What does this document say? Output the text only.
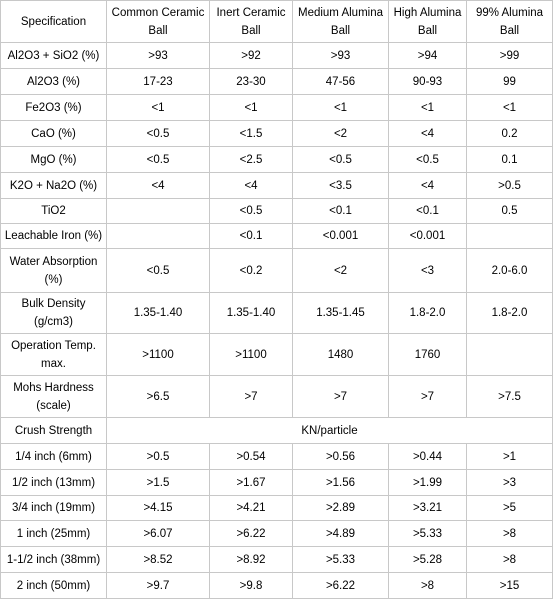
Specification	Common Ceramic Ball	Inert Ceramic Ball	Medium Alumina Ball	High Alumina Ball	99% Alumina Ball
Al2O3 + SiO2 (%)	>93	>92	>93	>94	>99
Al2O3 (%)	17-23	23-30	47-56	90-93	99
Fe2O3 (%)	<1	<1	<1	<1	<1
CaO (%)	<0.5	<1.5	<2	<4	0.2
MgO (%)	<0.5	<2.5	<0.5	<0.5	0.1
K2O + Na2O (%)	<4	<4	<3.5	<4	>0.5
TiO2		<0.5	<0.1	<0.1	0.5
Leachable Iron (%)		<0.1	<0.001	<0.001	
Water Absorption (%)	<0.5	<0.2	<2	<3	2.0-6.0
Bulk Density (g/cm3)	1.35-1.40	1.35-1.40	1.35-1.45	1.8-2.0	1.8-2.0
Operation Temp. max.	>1100	>1100	1480	1760	
Mohs Hardness (scale)	>6.5	>7	>7	>7	>7.5
Crush Strength	KN/particle				
1/4 inch (6mm)	>0.5	>0.54	>0.56	>0.44	>1
1/2 inch (13mm)	>1.5	>1.67	>1.56	>1.99	>3
3/4 inch (19mm)	>4.15	>4.21	>2.89	>3.21	>5
1 inch (25mm)	>6.07	>6.22	>4.89	>5.33	>8
1-1/2 inch (38mm)	>8.52	>8.92	>5.33	>5.28	>8
2 inch (50mm)	>9.7	>9.8	>6.22	>8	>15
